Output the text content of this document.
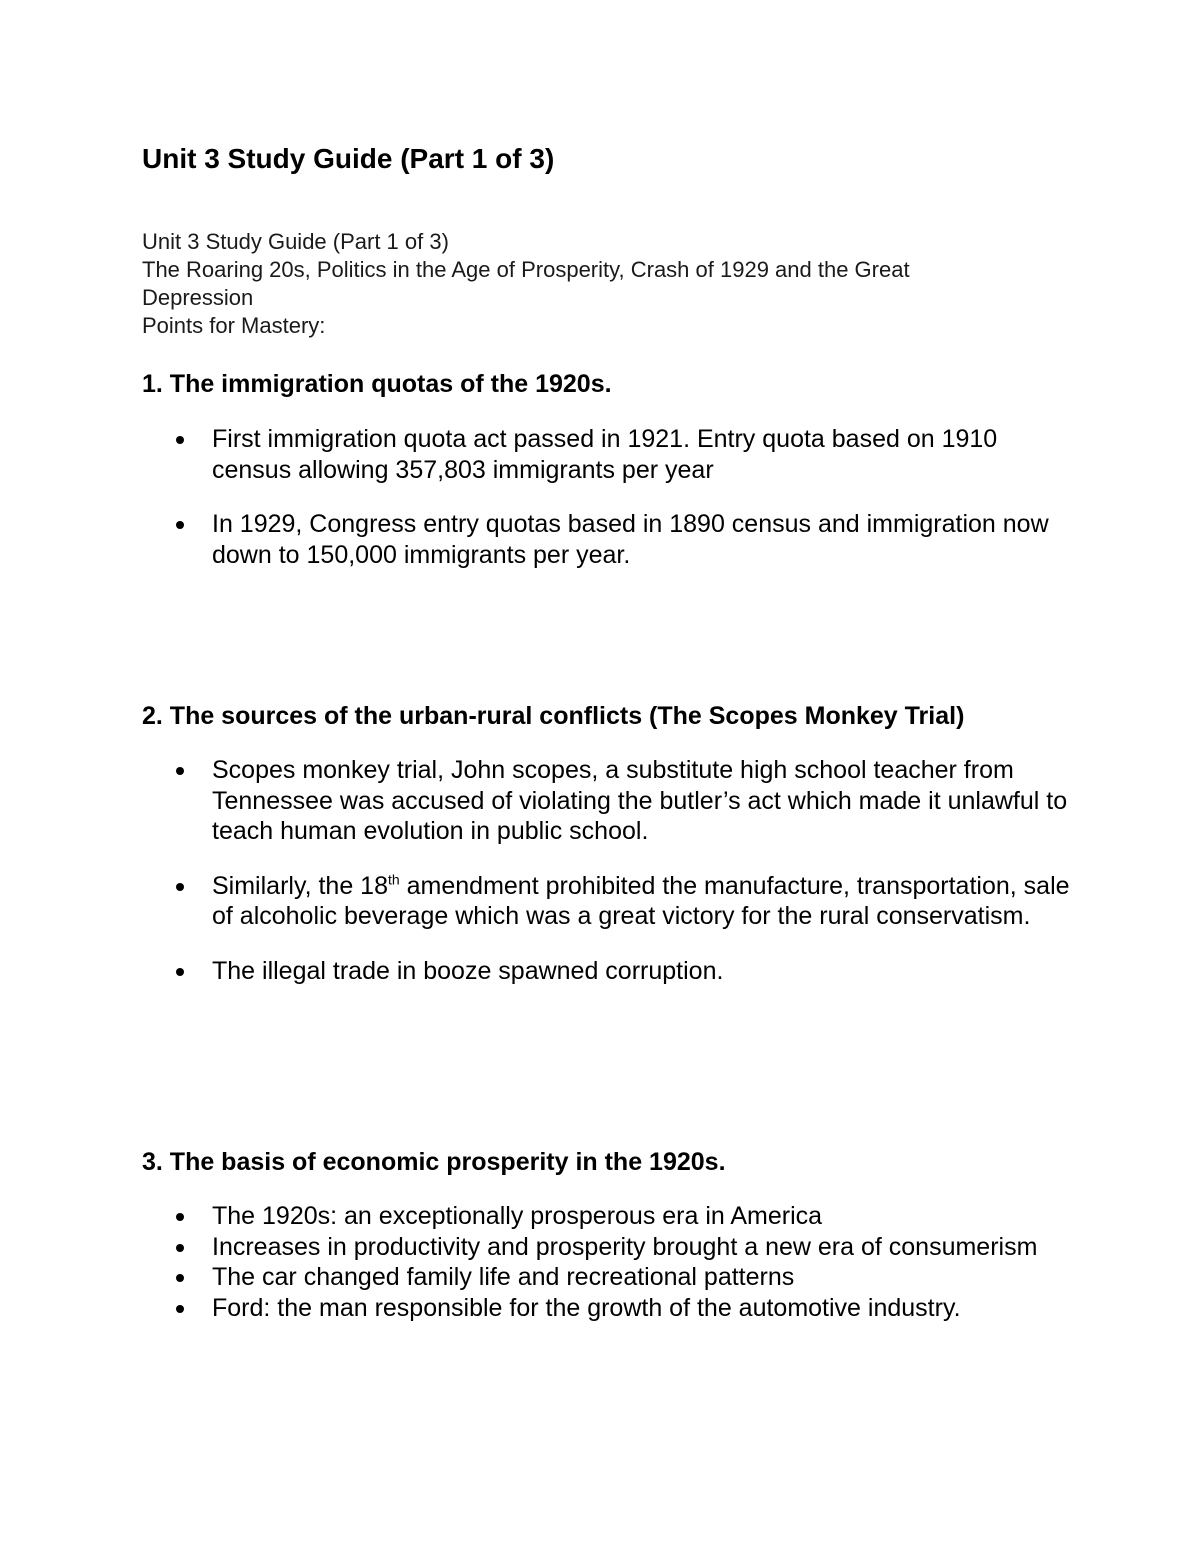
Unit 3 Study Guide (Part 1 of 3)
Unit 3 Study Guide (Part 1 of 3)
The Roaring 20s, Politics in the Age of Prosperity, Crash of 1929 and the Great
Depression
Points for Mastery:
1. The immigration quotas of the 1920s.
First immigration quota act passed in 1921. Entry quota based on 1910 census allowing 357,803 immigrants per year
In 1929, Congress entry quotas based in 1890 census and immigration now down to 150,000 immigrants per year.
2. The sources of the urban-rural conflicts (The Scopes Monkey Trial)
Scopes monkey trial, John scopes, a substitute high school teacher from Tennessee was accused of violating the butler’s act which made it unlawful to teach human evolution in public school.
Similarly, the 18th amendment prohibited the manufacture, transportation, sale of alcoholic beverage which was a great victory for the rural conservatism.
The illegal trade in booze spawned corruption.
3. The basis of economic prosperity in the 1920s.
The 1920s: an exceptionally prosperous era in America
Increases in productivity and prosperity brought a new era of consumerism
The car changed family life and recreational patterns
Ford: the man responsible for the growth of the automotive industry.
